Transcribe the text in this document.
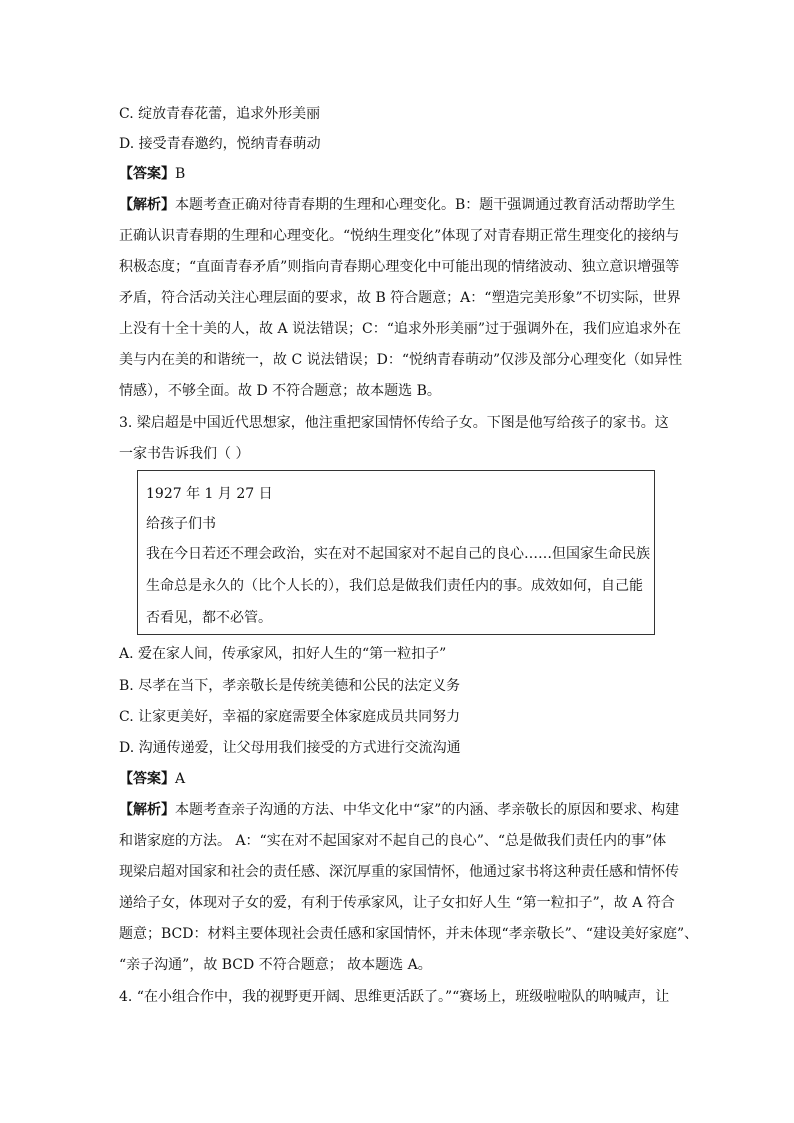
C. 绽放青春花蕾，追求外形美丽
D. 接受青春邀约，悦纳青春萌动
【答案】B
【解析】本题考查正确对待青春期的生理和心理变化。B：题干强调通过教育活动帮助学生
正确认识青春期的生理和心理变化。“悦纳生理变化”体现了对青春期正常生理变化的接纳与
积极态度；“直面青春矛盾”则指向青春期心理变化中可能出现的情绪波动、独立意识增强等
矛盾，符合活动关注心理层面的要求，故 B 符合题意；A：“塑造完美形象”不切实际，世界
上没有十全十美的人，故 A 说法错误；C：“追求外形美丽”过于强调外在，我们应追求外在
美与内在美的和谐统一，故 C 说法错误；D：“悦纳青春萌动”仅涉及部分心理变化（如异性
情感），不够全面。故 D 不符合题意；故本题选 B。
3. 梁启超是中国近代思想家，他注重把家国情怀传给子女。下图是他写给孩子的家书。这
一家书告诉我们（ ）
1927 年 1 月 27 日
给孩子们书
我在今日若还不理会政治，实在对不起国家对不起自己的良心……但国家生命民族
生命总是永久的（比个人长的），我们总是做我们责任内的事。成效如何，自己能
否看见，都不必管。
A. 爱在家人间，传承家风，扣好人生的“第一粒扣子”
B. 尽孝在当下，孝亲敬长是传统美德和公民的法定义务
C. 让家更美好，幸福的家庭需要全体家庭成员共同努力
D. 沟通传递爱，让父母用我们接受的方式进行交流沟通
【答案】A
【解析】本题考查亲子沟通的方法、中华文化中“家”的内涵、孝亲敬长的原因和要求、构建
和谐家庭的方法。 A：“实在对不起国家对不起自己的良心”、“总是做我们责任内的事”体
现梁启超对国家和社会的责任感、深沉厚重的家国情怀，他通过家书将这种责任感和情怀传
递给子女，体现对子女的爱，有利于传承家风，让子女扣好人生 “第一粒扣子”，故 A 符合
题意；BCD：材料主要体现社会责任感和家国情怀，并未体现“孝亲敬长”、“建设美好家庭”、
“亲子沟通”，故 BCD 不符合题意； 故本题选 A。
4. “在小组合作中，我的视野更开阔、思维更活跃了。”“赛场上，班级啦啦队的呐喊声，让
